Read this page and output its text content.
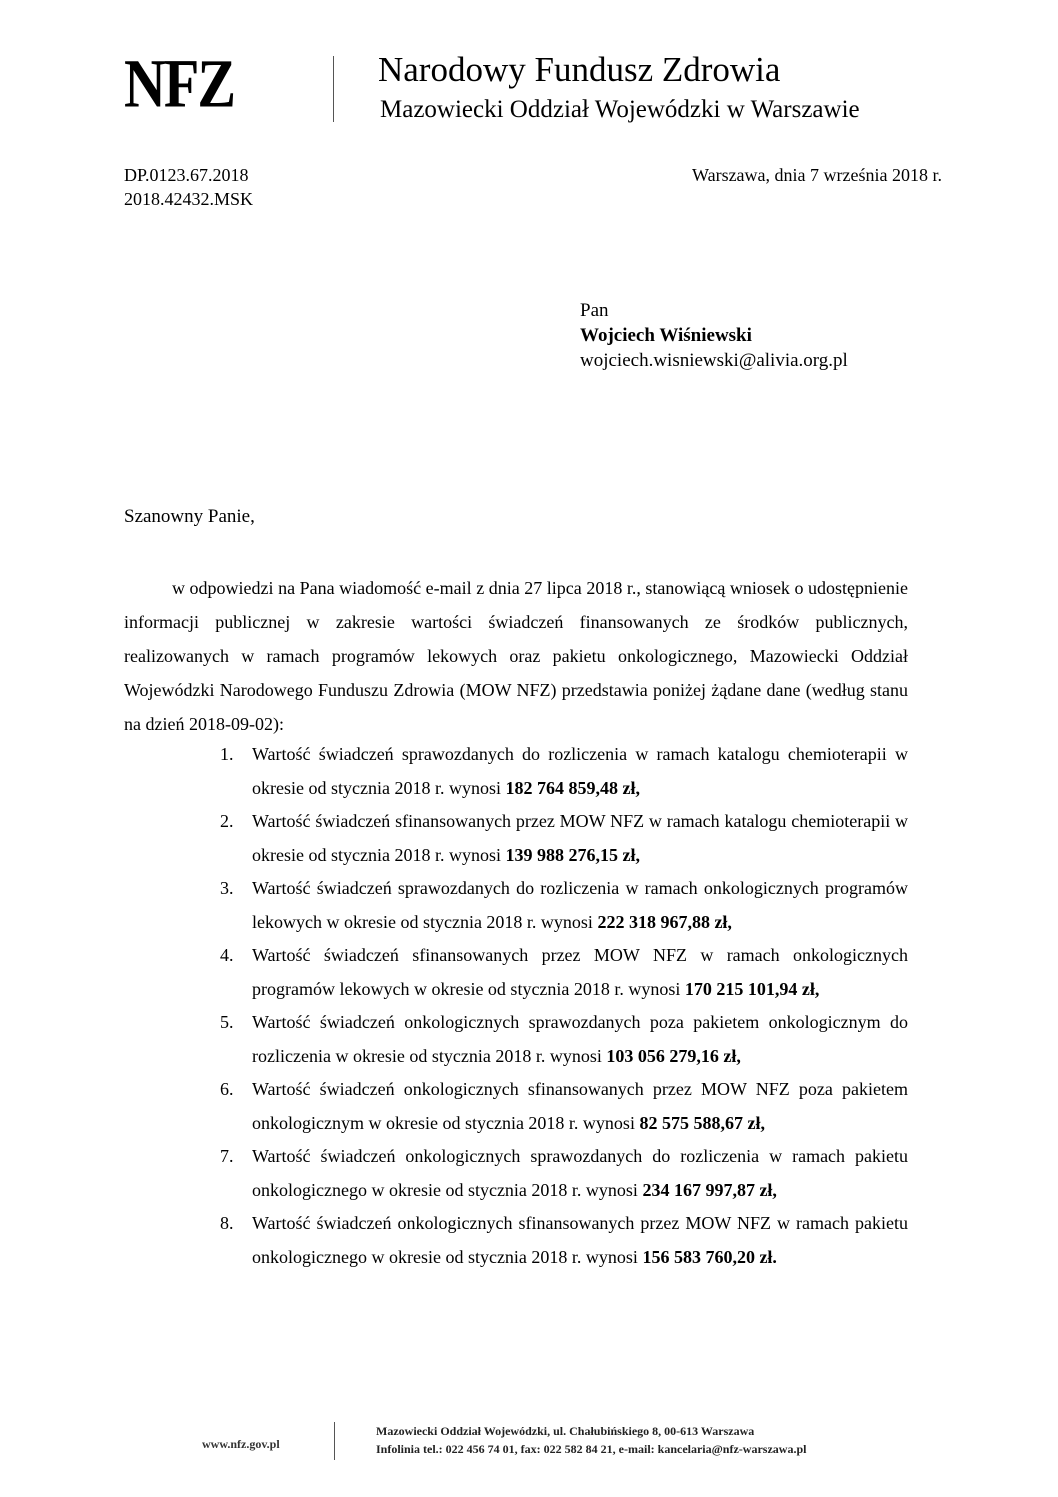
NFZ	Narodowy Fundusz Zdrowia
Mazowiecki Oddział Wojewódzki w Warszawie
DP.0123.67.2018
2018.42432.MSK
Warszawa, dnia 7 września 2018 r.
Pan
Wojciech Wiśniewski
wojciech.wisniewski@alivia.org.pl
Szanowny Panie,

w odpowiedzi na Pana wiadomość e-mail z dnia 27 lipca 2018 r., stanowiącą wniosek o udostępnienie informacji publicznej w zakresie wartości świadczeń finansowanych ze środków publicznych, realizowanych w ramach programów lekowych oraz pakietu onkologicznego, Mazowiecki Oddział Wojewódzki Narodowego Funduszu Zdrowia (MOW NFZ) przedstawia poniżej żądane dane (według stanu na dzień 2018-09-02):

1. Wartość świadczeń sprawozdanych do rozliczenia w ramach katalogu chemioterapii w okresie od stycznia 2018 r. wynosi 182 764 859,48 zł,
2. Wartość świadczeń sfinansowanych przez MOW NFZ w ramach katalogu chemioterapii w okresie od stycznia 2018 r. wynosi 139 988 276,15 zł,
3. Wartość świadczeń sprawozdanych do rozliczenia w ramach onkologicznych programów lekowych w okresie od stycznia 2018 r. wynosi 222 318 967,88 zł,
4. Wartość świadczeń sfinansowanych przez MOW NFZ w ramach onkologicznych programów lekowych w okresie od stycznia 2018 r. wynosi 170 215 101,94 zł,
5. Wartość świadczeń onkologicznych sprawozdanych poza pakietem onkologicznym do rozliczenia w okresie od stycznia 2018 r. wynosi 103 056 279,16 zł,
6. Wartość świadczeń onkologicznych sfinansowanych przez MOW NFZ poza pakietem onkologicznym w okresie od stycznia 2018 r. wynosi 82 575 588,67 zł,
7. Wartość świadczeń onkologicznych sprawozdanych do rozliczenia w ramach pakietu onkologicznego w okresie od stycznia 2018 r. wynosi 234 167 997,87 zł,
8. Wartość świadczeń onkologicznych sfinansowanych przez MOW NFZ w ramach pakietu onkologicznego w okresie od stycznia 2018 r. wynosi 156 583 760,20 zł.
www.nfz.gov.pl
Mazowiecki Oddział Wojewódzki, ul. Chałubińskiego 8, 00-613 Warszawa
Infolinia tel.: 022 456 74 01, fax: 022 582 84 21, e-mail: kancelaria@nfz-warszawa.pl
